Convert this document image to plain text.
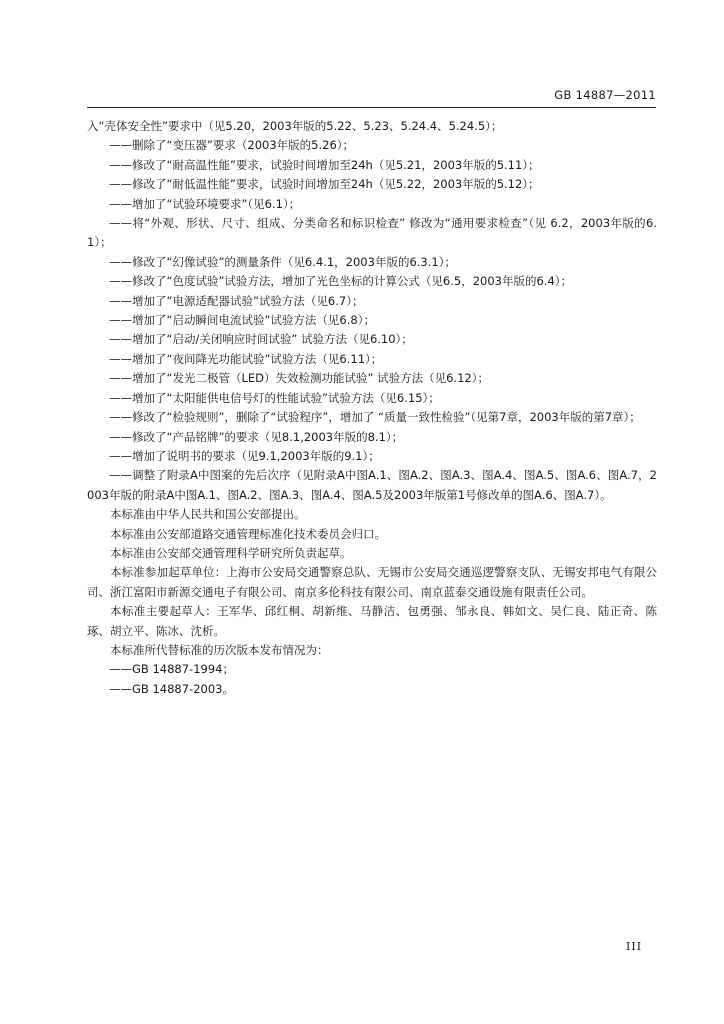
GB 14887—2011

入“壳体安全性”要求中（见5.20，2003年版的5.22、5.23、5.24.4、5.24.5）；

——删除了“变压器”要求（2003年版的5.26）；

——修改了“耐高温性能”要求，试验时间增加至24h（见5.21，2003年版的5.11）；

——修改了“耐低温性能”要求，试验时间增加至24h（见5.22，2003年版的5.12）；

——增加了“试验环境要求”（见6.1）；

——将“外观、形状、尺寸、组成、分类命名和标识检查” 修改为“通用要求检查”（见 6.2，2003年版的6.1）；

——修改了“幻像试验”的测量条件（见6.4.1，2003年版的6.3.1）；

——修改了“色度试验”试验方法，增加了光色坐标的计算公式（见6.5，2003年版的6.4）；

——增加了“电源适配器试验”试验方法（见6.7）；

——增加了“启动瞬间电流试验”试验方法（见6.8）；

——增加了“启动/关闭响应时间试验” 试验方法（见6.10）；

——增加了“夜间降光功能试验”试验方法（见6.11）；

——增加了“发光二极管（LED）失效检测功能试验” 试验方法（见6.12）；

——增加了“太阳能供电信号灯的性能试验”试验方法（见6.15）；

——修改了“检验规则”，删除了“试验程序”，增加了 “质量一致性检验”（见第7章，2003年版的第7章）；

——修改了“产品铭牌”的要求（见8.1,2003年版的8.1）；

——增加了说明书的要求（见9.1,2003年版的9.1）；

——调整了附录A中图案的先后次序（见附录A中图A.1、图A.2、图A.3、图A.4、图A.5、图A.6、图A.7，2003年版的附录A中图A.1、图A.2、图A.3、图A.4、图A.5及2003年版第1号修改单的图A.6、图A.7）。

本标准由中华人民共和国公安部提出。

本标准由公安部道路交通管理标准化技术委员会归口。

本标准由公安部交通管理科学研究所负责起草。

本标准参加起草单位：上海市公安局交通警察总队、无锡市公安局交通巡逻警察支队、无锡安邦电气有限公司、浙江富阳市新源交通电子有限公司、南京多伦科技有限公司、南京蓝泰交通设施有限责任公司。

本标准主要起草人：王军华、邱红桐、胡新维、马静洁、包勇强、邹永良、韩如文、吴仁良、陆正奇、陈琢、胡立平、陈冰、沈析。

本标准所代替标准的历次版本发布情况为：

——GB 14887-1994；

——GB 14887-2003。

III
